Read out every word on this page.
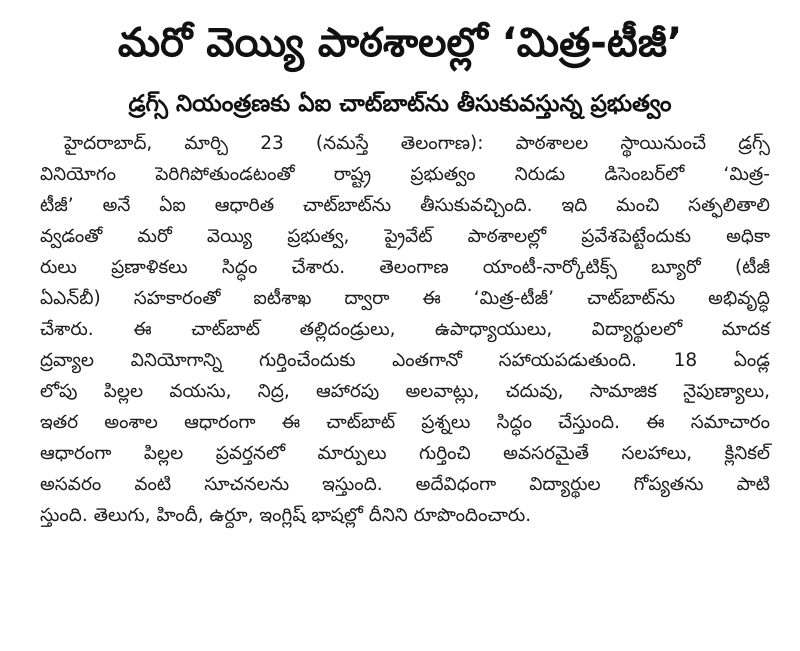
మరో వెయ్యి పాఠశాలల్లో ‘మిత్ర-టీజీ’
డ్రగ్స్ నియంత్రణకు ఏఐ చాట్‌బాట్‌ను తీసుకువస్తున్న ప్రభుత్వం
హైదరాబాద్, మార్చి 23 (నమస్తే తెలంగాణ): పాఠశాలల స్థాయినుంచే డ్రగ్స్
వినియోగం పెరిగిపోతుండటంతో రాష్ట్ర ప్రభుత్వం నిరుడు డిసెంబర్‌లో ‘మిత్ర-
టీజీ’ అనే ఏఐ ఆధారిత చాట్‌బాట్‌ను తీసుకువచ్చింది. ఇది మంచి సత్ఫలితాలి
వ్వడంతో మరో వెయ్యి ప్రభుత్వ, ప్రైవేట్ పాఠశాలల్లో ప్రవేశపెట్టేందుకు అధికా
రులు ప్రణాళికలు సిద్ధం చేశారు. తెలంగాణ యాంటీ-నార్కోటిక్స్ బ్యూరో (టీజీ
ఏఎన్‌బీ) సహకారంతో ఐటీశాఖ ద్వారా ఈ ‘మిత్ర-టీజీ’ చాట్‌బాట్‌ను అభివృద్ధి
చేశారు. ఈ చాట్‌బాట్ తల్లిదండ్రులు, ఉపాధ్యాయులు, విద్యార్థులలో మాదక
ద్రవ్యాల వినియోగాన్ని గుర్తించేందుకు ఎంతగానో సహాయపడుతుంది. 18 ఏండ్ల
లోపు పిల్లల వయసు, నిద్ర, ఆహారపు అలవాట్లు, చదువు, సామాజిక నైపుణ్యాలు,
ఇతర అంశాల ఆధారంగా ఈ చాట్‌బాట్ ప్రశ్నలు సిద్ధం చేస్తుంది. ఈ సమాచారం
ఆధారంగా పిల్లల ప్రవర్తనలో మార్పులు గుర్తించి అవసరమైతే సలహాలు, క్లినికల్
అసవరం వంటి సూచనలను ఇస్తుంది. అదేవిధంగా విద్యార్థుల గోప్యతను పాటి
స్తుంది. తెలుగు, హిందీ, ఉర్దూ, ఇంగ్లిష్ భాషల్లో దీనిని రూపొందించారు.
